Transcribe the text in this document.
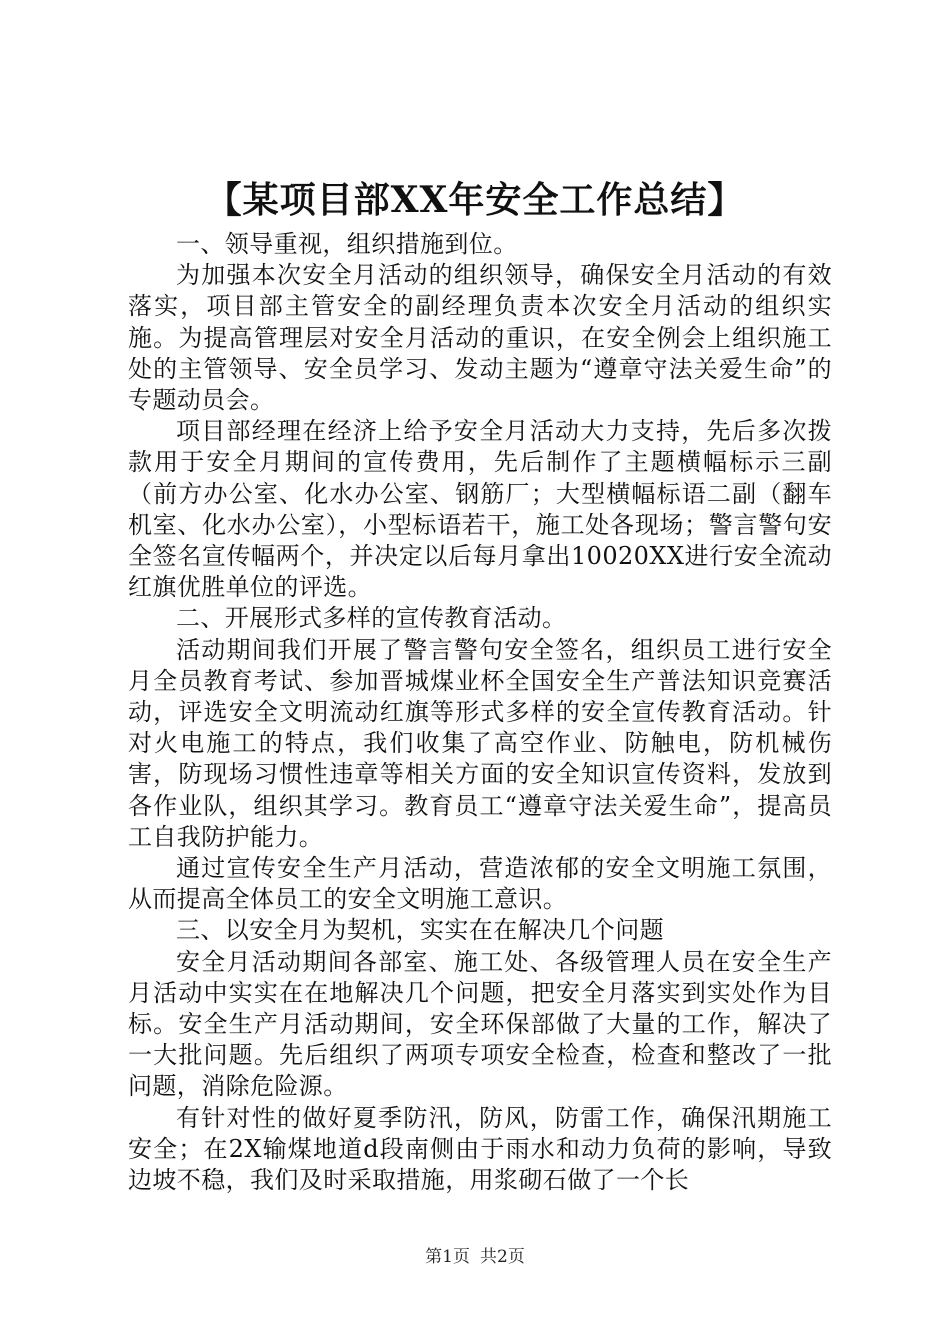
【某项目部XX年安全工作总结】

一、领导重视，组织措施到位。

为加强本次安全月活动的组织领导，确保安全月活动的有效落实，项目部主管安全的副经理负责本次安全月活动的组织实施。为提高管理层对安全月活动的重识，在安全例会上组织施工处的主管领导、安全员学习、发动主题为“遵章守法关爱生命”的专题动员会。

项目部经理在经济上给予安全月活动大力支持，先后多次拨款用于安全月期间的宣传费用，先后制作了主题横幅标示三副（前方办公室、化水办公室、钢筋厂；大型横幅标语二副（翻车机室、化水办公室），小型标语若干，施工处各现场；警言警句安全签名宣传幅两个，并决定以后每月拿出10020XX进行安全流动红旗优胜单位的评选。

二、开展形式多样的宣传教育活动。

活动期间我们开展了警言警句安全签名，组织员工进行安全月全员教育考试、参加晋城煤业杯全国安全生产普法知识竞赛活动，评选安全文明流动红旗等形式多样的安全宣传教育活动。针对火电施工的特点，我们收集了高空作业、防触电，防机械伤害，防现场习惯性违章等相关方面的安全知识宣传资料，发放到各作业队，组织其学习。教育员工“遵章守法关爱生命”，提高员工自我防护能力。

通过宣传安全生产月活动，营造浓郁的安全文明施工氛围，从而提高全体员工的安全文明施工意识。

三、以安全月为契机，实实在在解决几个问题

安全月活动期间各部室、施工处、各级管理人员在安全生产月活动中实实在在地解决几个问题，把安全月落实到实处作为目标。安全生产月活动期间，安全环保部做了大量的工作，解决了一大批问题。先后组织了两项专项安全检查，检查和整改了一批问题，消除危险源。

有针对性的做好夏季防汛，防风，防雷工作，确保汛期施工安全；在2X输煤地道d段南侧由于雨水和动力负荷的影响，导致边坡不稳，我们及时采取措施，用浆砌石做了一个长

第1页 共2页
